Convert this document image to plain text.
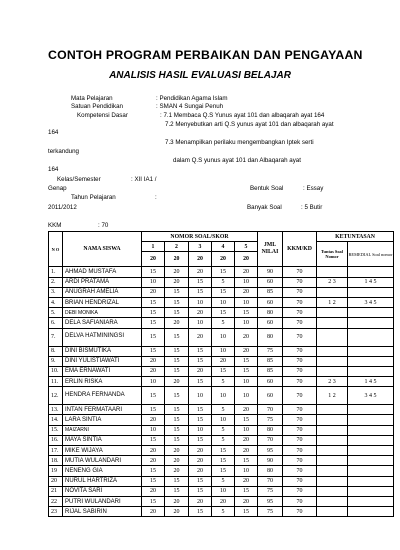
CONTOH PROGRAM PERBAIKAN DAN PENGAYAAN
ANALISIS HASIL EVALUASI BELAJAR
Mata Pelajaran	: Pendidikan Agama Islam
Satuan Pendidikan	: SMAN 4 Sungai Penuh
Kompetensi Dasar	: 7.1 Membaca Q.S Yunus ayat 101 dan albaqarah ayat 164
7.2 Menyebutkan arti Q.S yunus ayat 101 dan albaqarah ayat
164
7.3 Menampilkan perilaku mengembangkan Iptek serti
terkandung
dalam Q.S yunus ayat 101 dan Albaqarah ayat
164
Kelas/Semester	: XII IA1 /
Genap	Bentuk Soal	: Essay
Tahun Pelajaran	:
2011/2012	Banyak Soal	: 5 Butir
KKM	: 70
N O	NAMA SISWA	NOMOR SOAL/SKOR					JML NILAI	KKM/KD	KETUNTASAN	
		1	2	3	4	5			Tuntas Soal Nomor	REMEDIAL Soal nomor
		20	20	20	20	20				
1.	AHMAD MUSTAFA	15	20	20	15	20	90	70		
2.	ARDI PRATAMA	10	20	15	5	10	60	70	2 3	1 4 5
3.	ANUGRAH AMELIA	20	15	15	15	20	85	70		
4.	BRIAN HENDRIZAL	15	15	10	10	10	60	70	1 2	3 4 5
5.	DEBI MONIKA	15	15	20	15	15	80	70		
6.	DELA SAFIANIARA	15	20	10	5	10	60	70		
7.	DELVA HATMININGSI	15	15	20	10	20	80	70		
8.	DINI BISMUTIKA	15	15	15	10	20	75	70		
9.	DINI YULISTIAWATI	20	15	15	20	15	85	70		
10.	EMA ERNAWATI	20	15	20	15	15	85	70		
11.	ERLIN RISKA	10	20	15	5	10	60	70	2 3	1 4 5
12.	HENDRA FERNANDA	15	15	10	10	10	60	70	1 2	3 4 5
13.	INTAN FERMATAARI	15	15	15	5	20	70	70		
14.	LARA SINTIA	20	15	15	10	15	75	70		
15.	MAIZARNI	10	15	10	5	10	80	70		
16.	MAYA SINTIA	15	15	15	5	20	70	70		
17.	MIKE WIJAYA	20	20	20	15	20	95	70		
18.	MUTIA WULANDARI	20	20	20	15	15	90	70		
19	NENENG GIA	15	20	20	15	10	80	70		
20	NURUL HARTRIZA	15	15	15	5	20	70	70		
21	NOVITA SARI	20	15	15	10	15	75	70		
22	PUTRI WULANDARI	15	20	20	20	20	95	70		
23	RIJAL SABIRIN	20	20	15	5	15	75	70		
